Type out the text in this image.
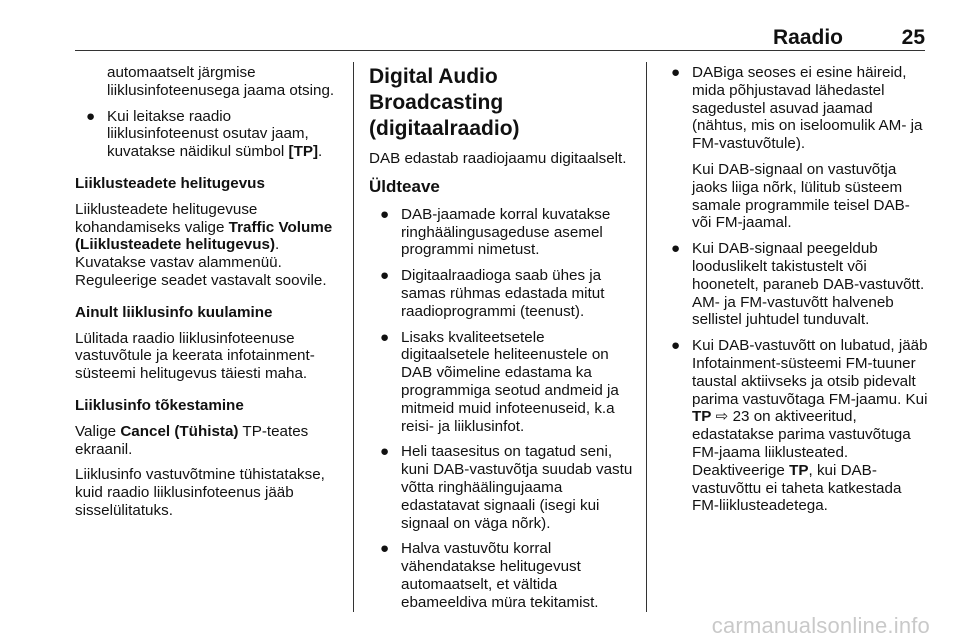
Raadio	25

automaatselt järgmise liiklusinfoteenusega jaama otsing.

● Kui leitakse raadio liiklusinfoteenust osutav jaam, kuvatakse näidikul sümbol [TP].

Liiklusteadete helitugevus

Liiklusteadete helitugevuse kohandamiseks valige Traffic Volume (Liiklusteadete helitugevus).

Kuvatakse vastav alammenüü.

Reguleerige seadet vastavalt soovile.

Ainult liiklusinfo kuulamine

Lülitada raadio liiklusinfoteenuse vastuvõtule ja keerata infotainment-süsteemi helitugevus täiesti maha.

Liiklusinfo tõkestamine

Valige Cancel (Tühista) TP-teates ekraanil.

Liiklusinfo vastuvõtmine tühistatakse, kuid raadio liiklusinfoteenus jääb sisselülitatuks.

Digital Audio Broadcasting (digitaalraadio)

DAB edastab raadiojaamu digitaalselt.

Üldteave

● DAB-jaamade korral kuvatakse ringhäälingusageduse asemel programmi nimetust.
● Digitaalraadioga saab ühes ja samas rühmas edastada mitut raadioprogrammi (teenust).
● Lisaks kvaliteetsetele digitaalsetele heliteenustele on DAB võimeline edastama ka programmiga seotud andmeid ja mitmeid muid infoteenuseid, k.a reisi- ja liiklusinfot.
● Heli taasesitus on tagatud seni, kuni DAB-vastuvõtja suudab vastu võtta ringhäälingujaama edastatavat signaali (isegi kui signaal on väga nõrk).
● Halva vastuvõtu korral vähendatakse helitugevust automaatselt, et vältida ebameeldiva müra tekitamist.
● DABiga seoses ei esine häireid, mida põhjustavad lähedastel sagedustel asuvad jaamad (nähtus, mis on iseloomulik AM- ja FM-vastuvõtule).

Kui DAB-signaal on vastuvõtja jaoks liiga nõrk, lülitub süsteem samale programmile teisel DAB- või FM-jaamal.

● Kui DAB-signaal peegeldub looduslikelt takistustelt või hoonetelt, paraneb DAB-vastuvõtt. AM- ja FM-vastuvõtt halveneb sellistel juhtudel tunduvalt.
● Kui DAB-vastuvõtt on lubatud, jääb Infotainment-süsteemi FM-tuuner taustal aktiivseks ja otsib pidevalt parima vastuvõtaga FM-jaamu. Kui TP ⇨ 23 on aktiveeritud, edastatakse parima vastuvõtuga FM-jaama liiklusteated. Deaktiveerige TP, kui DAB-vastuvõttu ei taheta katkestada FM-liiklusteadetega.
carmanualsonline.info
